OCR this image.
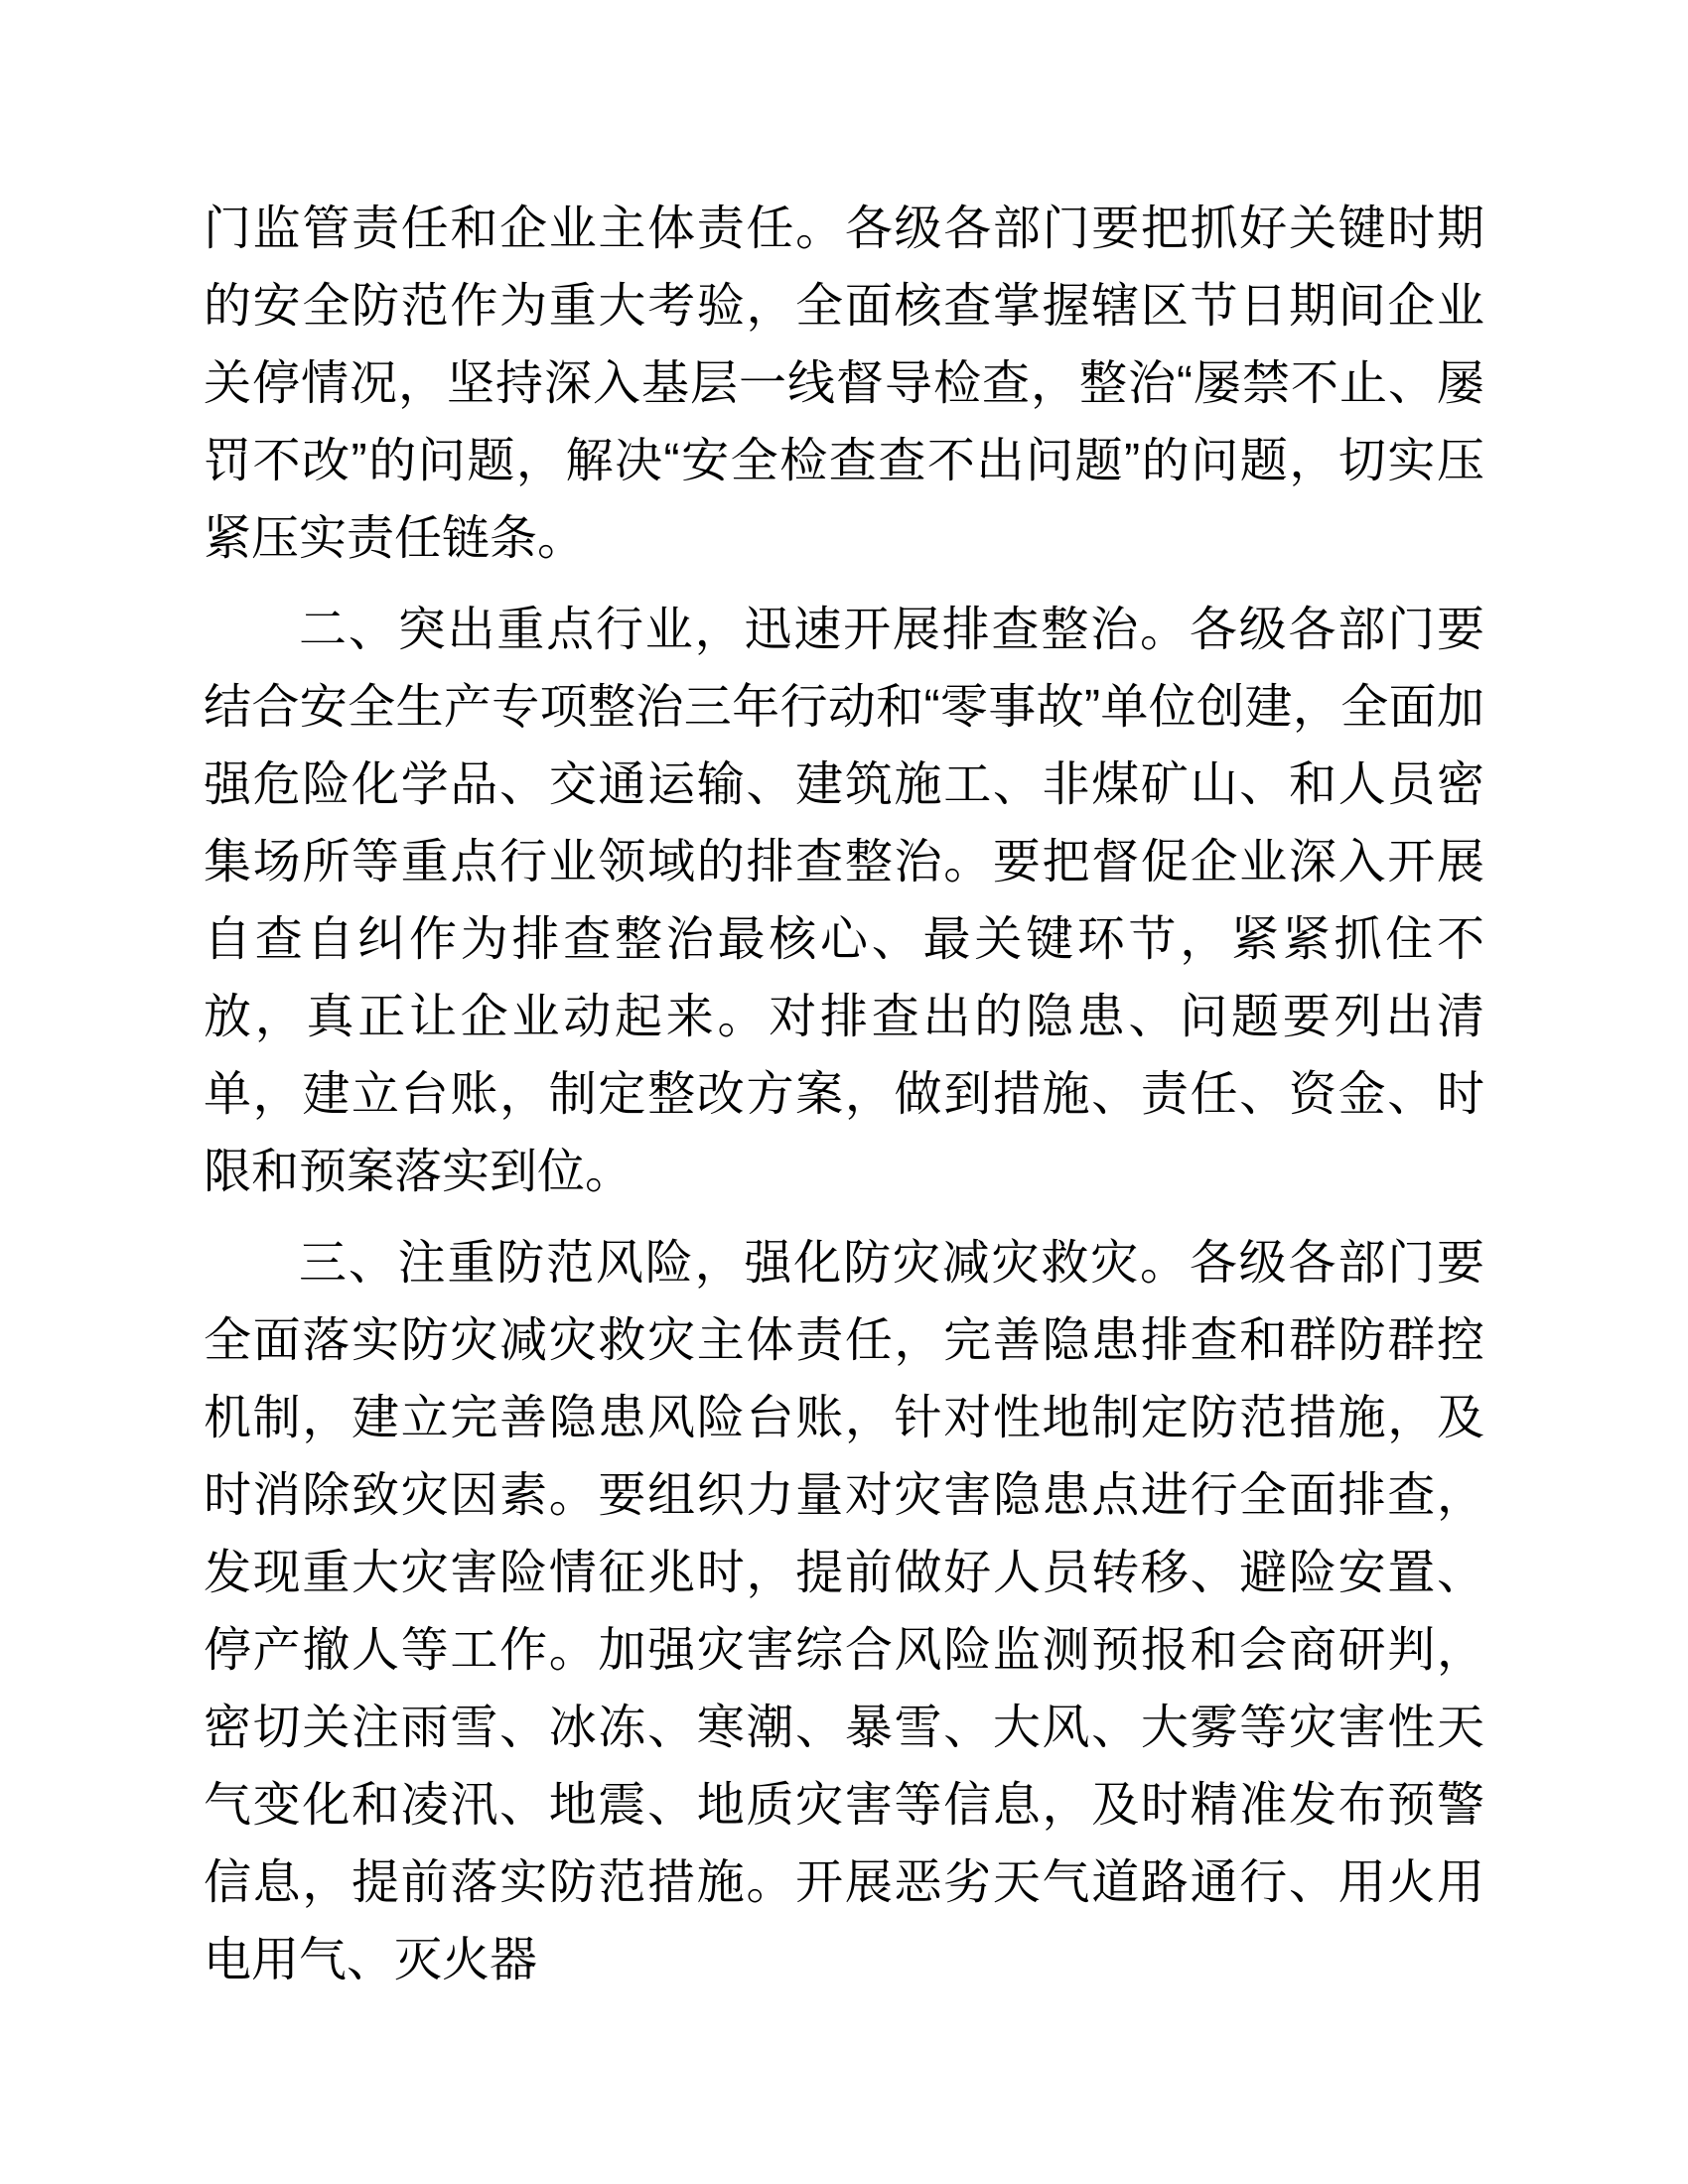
门监管责任和企业主体责任。各级各部门要把抓好关键时期的安全防范作为重大考验，全面核查掌握辖区节日期间企业关停情况，坚持深入基层一线督导检查，整治“屡禁不止、屡罚不改”的问题，解决“安全检查查不出问题”的问题，切实压紧压实责任链条。

二、突出重点行业，迅速开展排查整治。各级各部门要结合安全生产专项整治三年行动和“零事故”单位创建，全面加强危险化学品、交通运输、建筑施工、非煤矿山、和人员密集场所等重点行业领域的排查整治。要把督促企业深入开展自查自纠作为排查整治最核心、最关键环节，紧紧抓住不放，真正让企业动起来。对排查出的隐患、问题要列出清单，建立台账，制定整改方案，做到措施、责任、资金、时限和预案落实到位。

三、注重防范风险，强化防灾减灾救灾。各级各部门要全面落实防灾减灾救灾主体责任，完善隐患排查和群防群控机制，建立完善隐患风险台账，针对性地制定防范措施，及时消除致灾因素。要组织力量对灾害隐患点进行全面排查，发现重大灾害险情征兆时，提前做好人员转移、避险安置、停产撤人等工作。加强灾害综合风险监测预报和会商研判，密切关注雨雪、冰冻、寒潮、暴雪、大风、大雾等灾害性天气变化和凌汛、地震、地质灾害等信息，及时精准发布预警信息，提前落实防范措施。开展恶劣天气道路通行、用火用电用气、灭火器
